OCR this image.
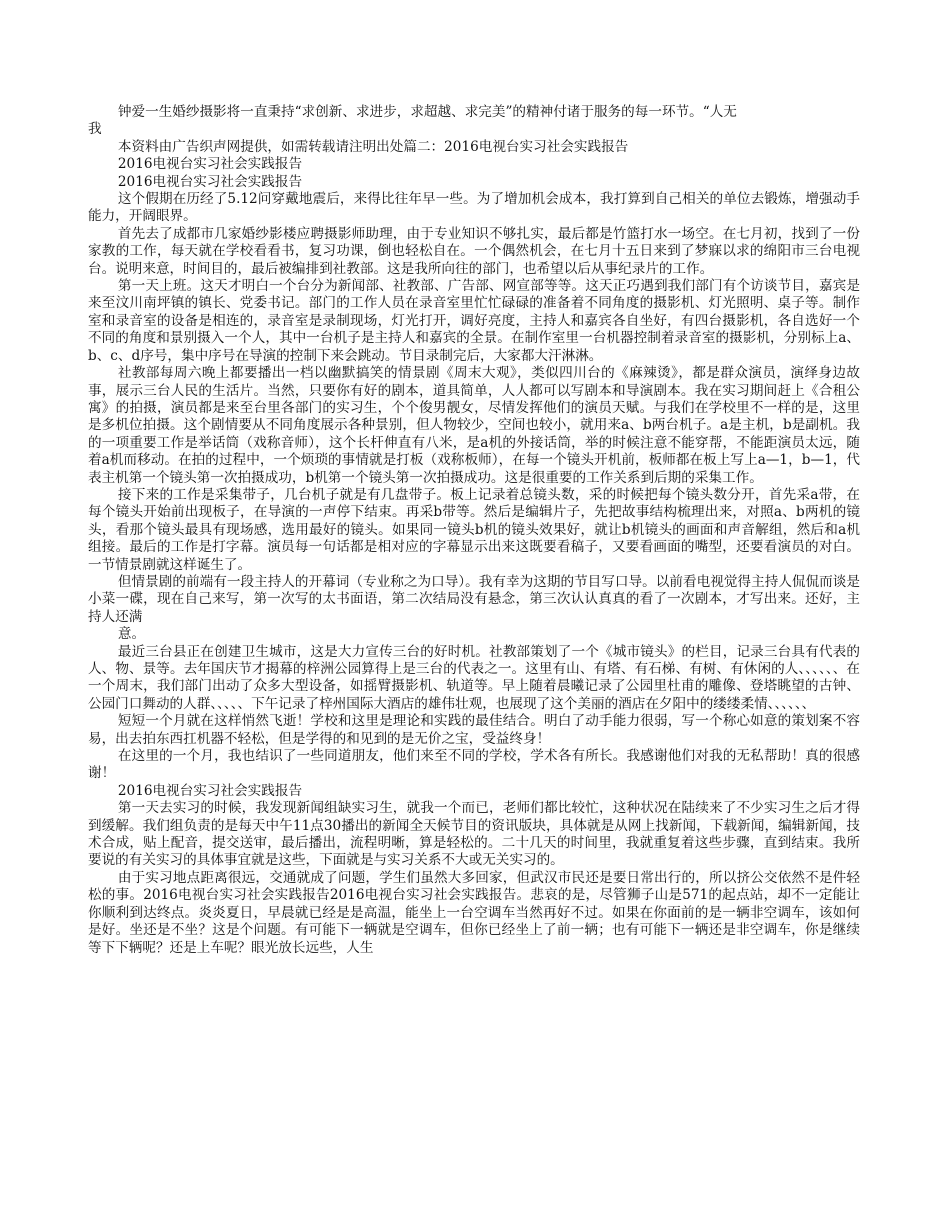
钟爱一生婚纱摄影将一直秉持“求创新、求进步，求超越、求完美”的精神付诸于服务的每一环节。“人无

我

本资料由广告织声网提供，如需转载请注明出处篇二：2016电视台实习社会实践报告

2016电视台实习社会实践报告

2016电视台实习社会实践报告

这个假期在历经了5.12问穿戴地震后，来得比往年早一些。为了增加机会成本，我打算到自己相关的单位去锻炼，增强动手能力，开阔眼界。

首先去了成都市几家婚纱影楼应聘摄影师助理，由于专业知识不够扎实，最后都是竹篮打水一场空。在七月初，找到了一份家教的工作，每天就在学校看看书，复习功课，倒也轻松自在。一个偶然机会，在七月十五日来到了梦寐以求的绵阳市三台电视台。说明来意，时间目的，最后被编排到社教部。这是我所向往的部门，也希望以后从事纪录片的工作。

第一天上班。这天才明白一个台分为新闻部、社教部、广告部、网宣部等等。这天正巧遇到我们部门有个访谈节目，嘉宾是来至汶川南坪镇的镇长、党委书记。部门的工作人员在录音室里忙忙碌碌的准备着不同角度的摄影机、灯光照明、桌子等。制作室和录音室的设备是相连的，录音室是录制现场，灯光打开，调好亮度，主持人和嘉宾各自坐好，有四台摄影机，各自选好一个不同的角度和景别摄入一个人，其中一台机子是主持人和嘉宾的全景。在制作室里一台机器控制着录音室的摄影机，分别标上a、b、c、d序号，集中序号在导演的控制下来会跳动。节目录制完后，大家都大汗淋淋。

社教部每周六晚上都要播出一档以幽默搞笑的情景剧《周末大观》，类似四川台的《麻辣烫》，都是群众演员，演绎身边故事，展示三台人民的生活片。当然，只要你有好的剧本，道具简单，人人都可以写剧本和导演剧本。我在实习期间赶上《合租公寓》的拍摄，演员都是来至台里各部门的实习生，个个俊男靓女，尽情发挥他们的演员天赋。与我们在学校里不一样的是，这里是多机位拍摄。这个剧情要从不同角度展示各种景别，但人物较少，空间也较小，就用来a、b两台机子。a是主机，b是副机。我的一项重要工作是举话筒（戏称音师），这个长杆伸直有八米，是a机的外接话筒，举的时候注意不能穿帮，不能距演员太远，随着a机而移动。在拍的过程中，一个烦琐的事情就是打板（戏称板师），在每一个镜头开机前，板师都在板上写上a—1，b—1，代表主机第一个镜头第一次拍摄成功，b机第一个镜头第一次拍摄成功。这是很重要的工作关系到后期的采集工作。

接下来的工作是采集带子，几台机子就是有几盘带子。板上记录着总镜头数，采的时候把每个镜头数分开，首先采a带，在每个镜头开始前出现板子，在导演的一声停下结束。再采b带等。然后是编辑片子，先把故事结构梳理出来，对照a、b两机的镜头，看那个镜头最具有现场感，选用最好的镜头。如果同一镜头b机的镜头效果好，就让b机镜头的画面和声音解组，然后和a机组接。最后的工作是打字幕。演员每一句话都是相对应的字幕显示出来这既要看稿子，又要看画面的嘴型，还要看演员的对白。一节情景剧就这样诞生了。

但情景剧的前端有一段主持人的开幕词（专业称之为口导）。我有幸为这期的节目写口导。以前看电视觉得主持人侃侃而谈是小菜一碟，现在自己来写，第一次写的太书面语，第二次结局没有悬念，第三次认认真真的看了一次剧本，才写出来。还好，主持人还满

意。

最近三台县正在创建卫生城市，这是大力宣传三台的好时机。社教部策划了一个《城市镜头》的栏目，记录三台具有代表的人、物、景等。去年国庆节才揭幕的梓洲公园算得上是三台的代表之一。这里有山、有塔、有石梯、有树、有休闲的人、、、、、、在一个周末，我们部门出动了众多大型设备，如摇臂摄影机、轨道等。早上随着晨曦记录了公园里杜甫的雕像、登塔眺望的古钟、公园门口舞动的人群、、、、、下午记录了梓州国际大酒店的雄伟壮观，也展现了这个美丽的酒店在夕阳中的缕缕柔情、、、、、、

短短一个月就在这样悄然飞逝！学校和这里是理论和实践的最佳结合。明白了动手能力很弱，写一个称心如意的策划案不容易，出去拍东西扛机器不轻松，但是学得的和见到的是无价之宝，受益终身！

在这里的一个月，我也结识了一些同道朋友，他们来至不同的学校，学术各有所长。我感谢他们对我的无私帮助！真的很感谢！

2016电视台实习社会实践报告

第一天去实习的时候，我发现新闻组缺实习生，就我一个而已，老师们都比较忙，这种状况在陆续来了不少实习生之后才得到缓解。我们组负责的是每天中午11点30播出的新闻全天候节目的资讯版块，具体就是从网上找新闻，下载新闻，编辑新闻，技术合成，贴上配音，提交送审，最后播出，流程明晰，算是轻松的。二十几天的时间里，我就重复着这些步骤，直到结束。我所要说的有关实习的具体事宜就是这些，下面就是与实习关系不大或无关实习的。

由于实习地点距离很远，交通就成了问题，学生们虽然大多回家，但武汉市民还是要日常出行的，所以挤公交依然不是件轻松的事。2016电视台实习社会实践报告2016电视台实习社会实践报告。悲哀的是，尽管狮子山是571的起点站，却不一定能让你顺利到达终点。炎炎夏日，早晨就已经是是高温，能坐上一台空调车当然再好不过。如果在你面前的是一辆非空调车，该如何是好。坐还是不坐？这是个问题。有可能下一辆就是空调车，但你已经坐上了前一辆；也有可能下一辆还是非空调车，你是继续等下下辆呢？还是上车呢？眼光放长远些，人生
